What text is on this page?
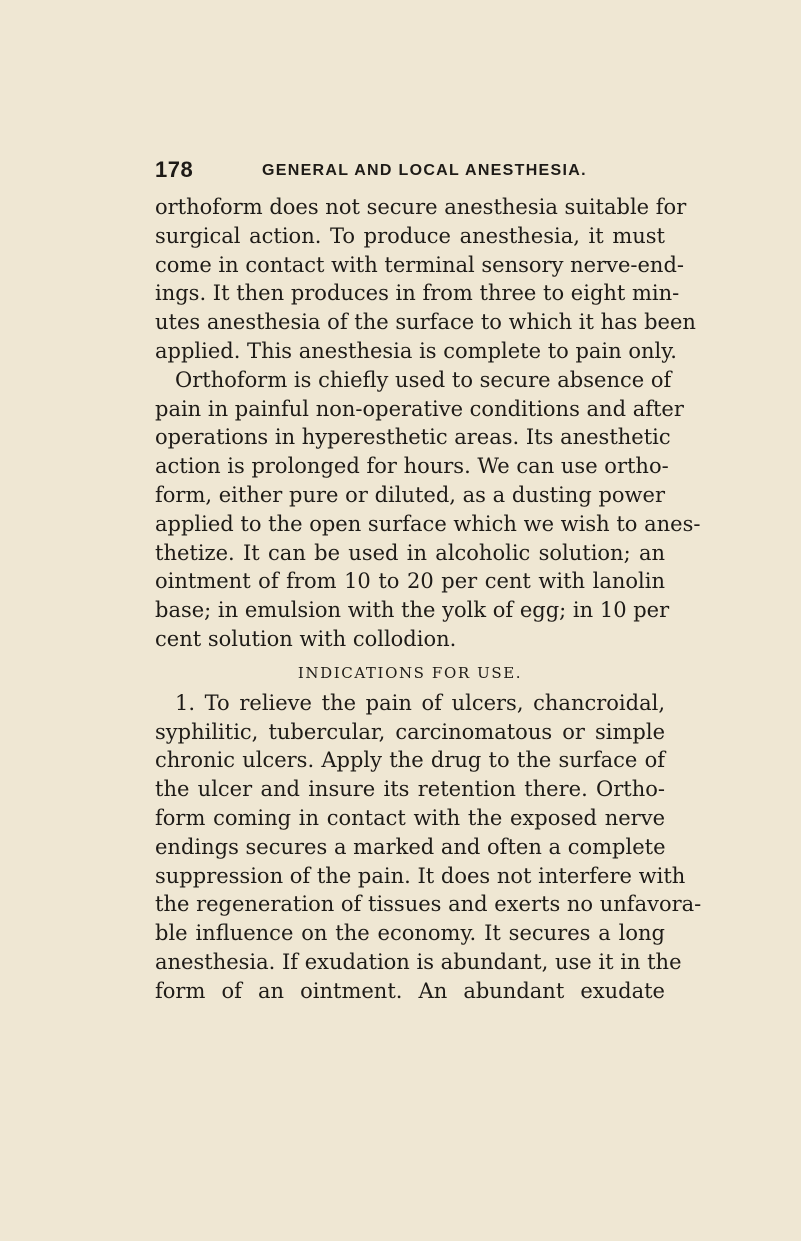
178	GENERAL AND LOCAL ANESTHESIA.
orthoform does not secure anesthesia suitable for
surgical action. To produce anesthesia, it must
come in contact with terminal sensory nerve-end-
ings. It then produces in from three to eight min-
utes anesthesia of the surface to which it has been
applied. This anesthesia is complete to pain only.
Orthoform is chiefly used to secure absence of
pain in painful non-operative conditions and after
operations in hyperesthetic areas. Its anesthetic
action is prolonged for hours. We can use ortho-
form, either pure or diluted, as a dusting power
applied to the open surface which we wish to anes-
thetize. It can be used in alcoholic solution; an
ointment of from 10 to 20 per cent with lanolin
base; in emulsion with the yolk of egg; in 10 per
cent solution with collodion.
INDICATIONS FOR USE.
1. To relieve the pain of ulcers, chancroidal,
syphilitic, tubercular, carcinomatous or simple
chronic ulcers. Apply the drug to the surface of
the ulcer and insure its retention there. Ortho-
form coming in contact with the exposed nerve
endings secures a marked and often a complete
suppression of the pain. It does not interfere with
the regeneration of tissues and exerts no unfavora-
ble influence on the economy. It secures a long
anesthesia. If exudation is abundant, use it in the
form of an ointment. An abundant exudate
